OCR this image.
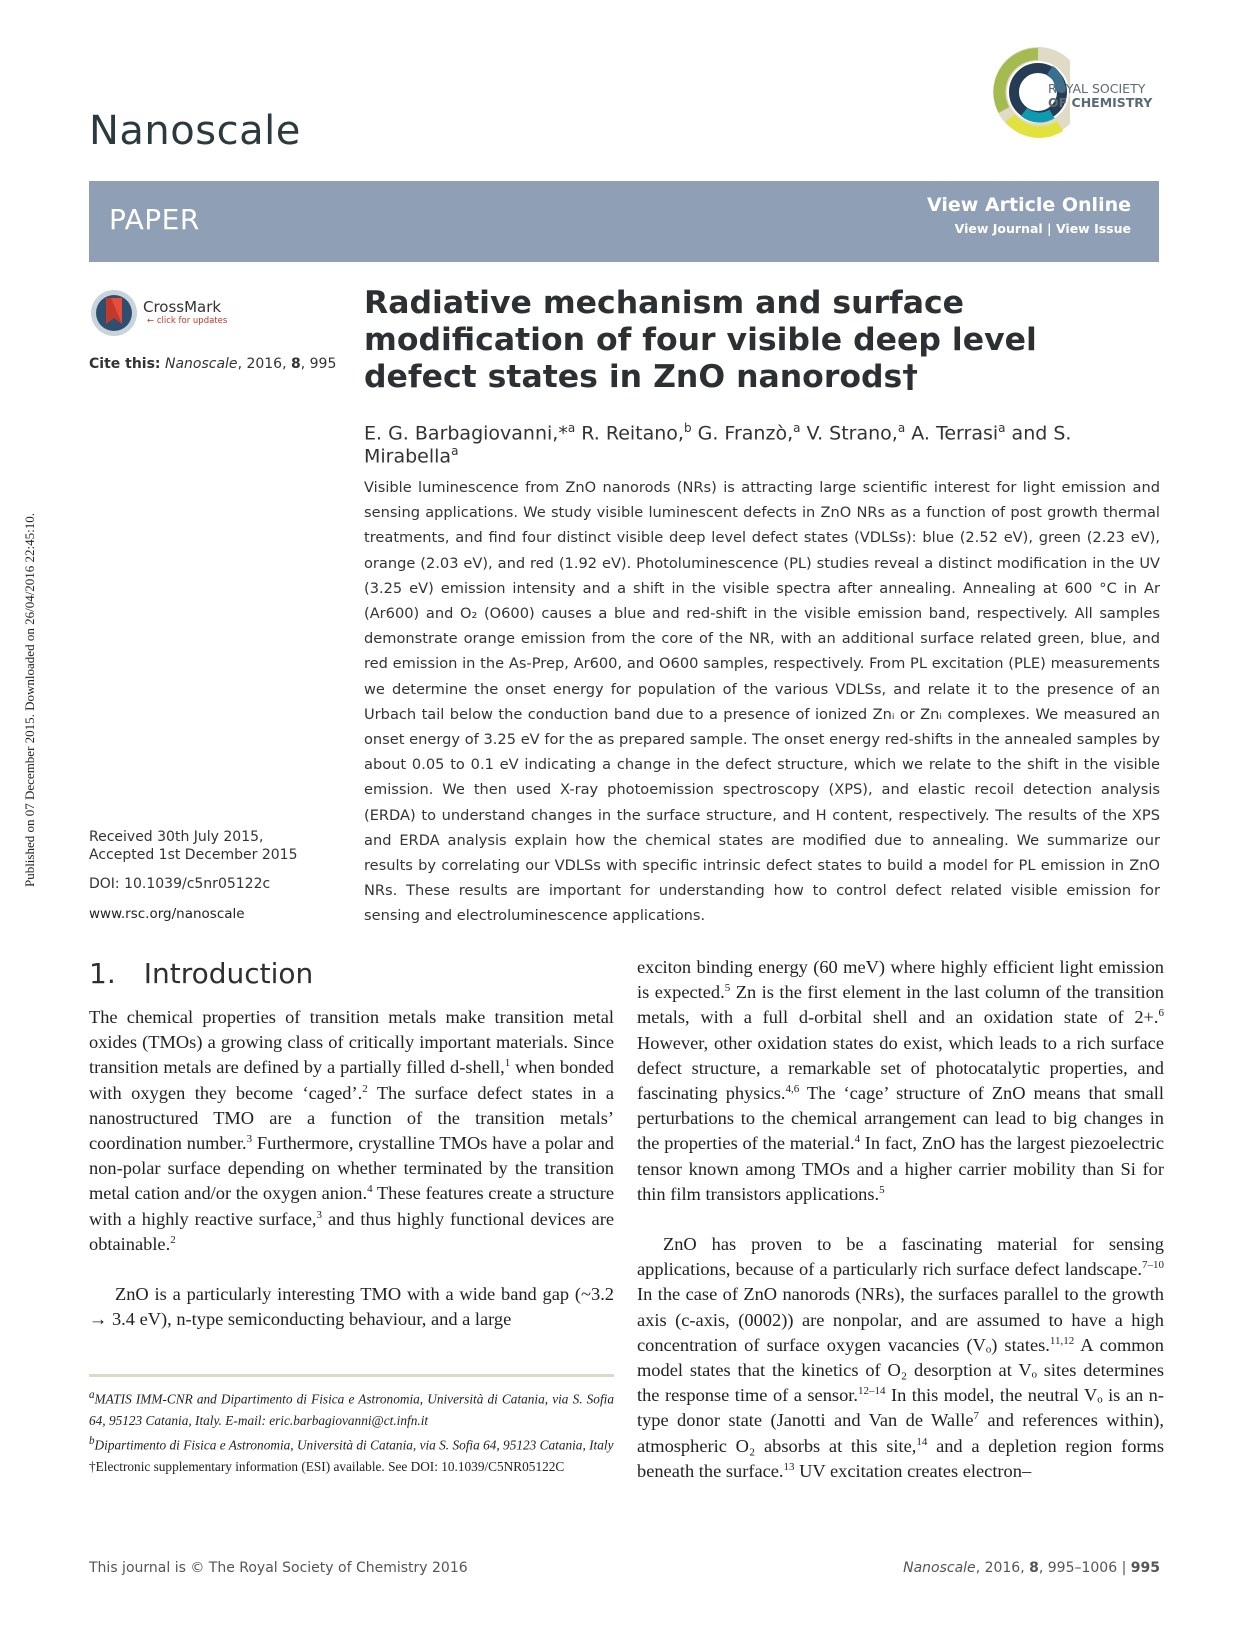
Published on 07 December 2015. Downloaded on 26/04/2016 22:45:10.
Nanoscale
ROYAL SOCIETY
OF CHEMISTRY
PAPER	View Article Online
View Journal | View Issue
CrossMark
← click for updates
Cite this: Nanoscale, 2016, 8, 995
Radiative mechanism and surface modification of four visible deep level defect states in ZnO nanorods†
E. G. Barbagiovanni,*$^a$ R. Reitano,$^b$ G. Franzò,$^a$ V. Strano,$^a$ A. Terrasi$^a$ and S. Mirabella$^a$
Visible luminescence from ZnO nanorods (NRs) is attracting large scientific interest for light emission and sensing applications. We study visible luminescent defects in ZnO NRs as a function of post growth thermal treatments, and find four distinct visible deep level defect states (VDLSs): blue (2.52 eV), green (2.23 eV), orange (2.03 eV), and red (1.92 eV). Photoluminescence (PL) studies reveal a distinct modification in the UV (3.25 eV) emission intensity and a shift in the visible spectra after annealing. Annealing at 600 °C in Ar (Ar600) and O₂ (O600) causes a blue and red-shift in the visible emission band, respectively. All samples demonstrate orange emission from the core of the NR, with an additional surface related green, blue, and red emission in the As-Prep, Ar600, and O600 samples, respectively. From PL excitation (PLE) measurements we determine the onset energy for population of the various VDLSs, and relate it to the presence of an Urbach tail below the conduction band due to a presence of ionized Znᵢ or Znᵢ complexes. We measured an onset energy of 3.25 eV for the as prepared sample. The onset energy red-shifts in the annealed samples by about 0.05 to 0.1 eV indicating a change in the defect structure, which we relate to the shift in the visible emission. We then used X-ray photoemission spectroscopy (XPS), and elastic recoil detection analysis (ERDA) to understand changes in the surface structure, and H content, respectively. The results of the XPS and ERDA analysis explain how the chemical states are modified due to annealing. We summarize our results by correlating our VDLSs with specific intrinsic defect states to build a model for PL emission in ZnO NRs. These results are important for understanding how to control defect related visible emission for sensing and electroluminescence applications.
Received 30th July 2015,
Accepted 1st December 2015
DOI: 10.1039/c5nr05122c
www.rsc.org/nanoscale
1. Introduction
The chemical properties of transition metals make transition metal oxides (TMOs) a growing class of critically important materials. Since transition metals are defined by a partially filled d-shell,$^1$ when bonded with oxygen they become ‘caged’.$^2$ The surface defect states in a nanostructured TMO are a function of the transition metals’ coordination number.$^3$ Furthermore, crystalline TMOs have a polar and non-polar surface depending on whether terminated by the transition metal cation and/or the oxygen anion.$^4$ These features create a structure with a highly reactive surface,$^3$ and thus highly functional devices are obtainable.$^2$
ZnO is a particularly interesting TMO with a wide band gap (~3.2 → 3.4 eV), n-type semiconducting behaviour, and a large
exciton binding energy (60 meV) where highly efficient light emission is expected.$^5$ Zn is the first element in the last column of the transition metals, with a full d-orbital shell and an oxidation state of 2+.$^6$ However, other oxidation states do exist, which leads to a rich surface defect structure, a remarkable set of photocatalytic properties, and fascinating physics.$^{4,6}$ The ‘cage’ structure of ZnO means that small perturbations to the chemical arrangement can lead to big changes in the properties of the material.$^4$ In fact, ZnO has the largest piezoelectric tensor known among TMOs and a higher carrier mobility than Si for thin film transistors applications.$^5$
ZnO has proven to be a fascinating material for sensing applications, because of a particularly rich surface defect landscape.$^{7-10}$ In the case of ZnO nanorods (NRs), the surfaces parallel to the growth axis (c-axis, (0002)) are nonpolar, and are assumed to have a high concentration of surface oxygen vacancies (Vₒ) states.$^{11,12}$ A common model states that the kinetics of O₂ desorption at Vₒ sites determines the response time of a sensor.$^{12-14}$ In this model, the neutral Vₒ is an n-type donor state (Janotti and Van de Walle$^7$ and references within), atmospheric O₂ absorbs at this site,$^{14}$ and a depletion region forms beneath the surface.$^{13}$ UV excitation creates electron–
$^a$MATIS IMM-CNR and Dipartimento di Fisica e Astronomia, Università di Catania, via S. Sofia 64, 95123 Catania, Italy. E-mail: eric.barbagiovanni@ct.infn.it
$^b$Dipartimento di Fisica e Astronomia, Università di Catania, via S. Sofia 64, 95123 Catania, Italy
†Electronic supplementary information (ESI) available. See DOI: 10.1039/C5NR05122C
This journal is © The Royal Society of Chemistry 2016	Nanoscale, 2016, 8, 995–1006 | 995
